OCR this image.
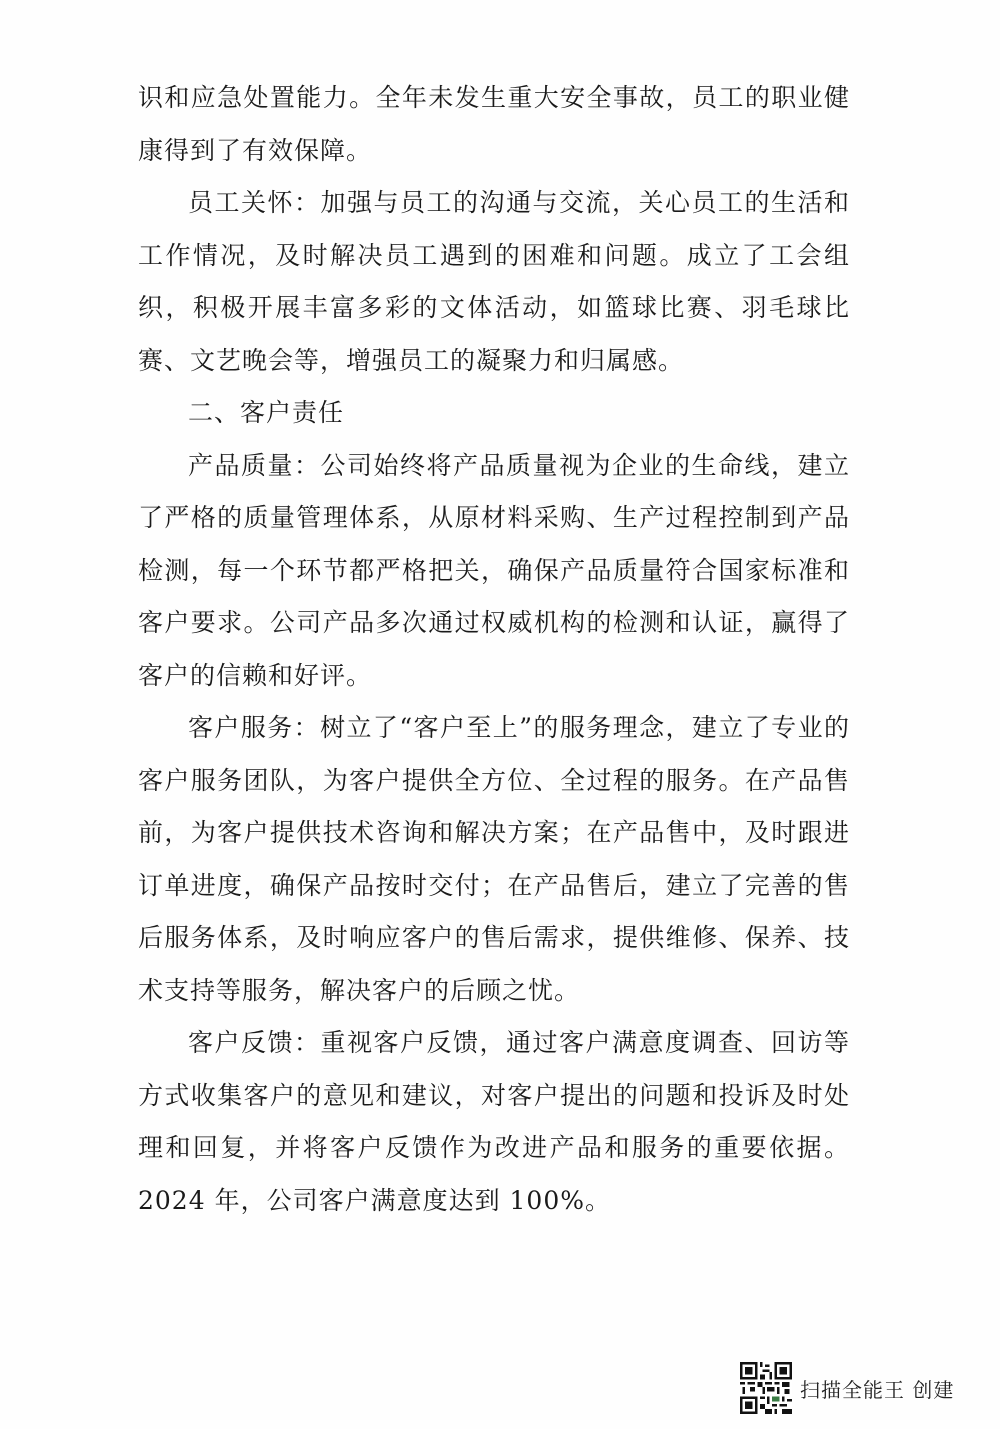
识和应急处置能力。全年未发生重大安全事故，员工的职业健康得到了有效保障。

员工关怀：加强与员工的沟通与交流，关心员工的生活和工作情况，及时解决员工遇到的困难和问题。成立了工会组织，积极开展丰富多彩的文体活动，如篮球比赛、羽毛球比赛、文艺晚会等，增强员工的凝聚力和归属感。

二、客户责任

产品质量：公司始终将产品质量视为企业的生命线，建立了严格的质量管理体系，从原材料采购、生产过程控制到产品检测，每一个环节都严格把关，确保产品质量符合国家标准和客户要求。公司产品多次通过权威机构的检测和认证，赢得了客户的信赖和好评。

客户服务：树立了“客户至上”的服务理念，建立了专业的客户服务团队，为客户提供全方位、全过程的服务。在产品售前，为客户提供技术咨询和解决方案；在产品售中，及时跟进订单进度，确保产品按时交付；在产品售后，建立了完善的售后服务体系，及时响应客户的售后需求，提供维修、保养、技术支持等服务，解决客户的后顾之忧。

客户反馈：重视客户反馈，通过客户满意度调查、回访等方式收集客户的意见和建议，对客户提出的问题和投诉及时处理和回复，并将客户反馈作为改进产品和服务的重要依据。2024 年，公司客户满意度达到 100%。

扫描全能王 创建
